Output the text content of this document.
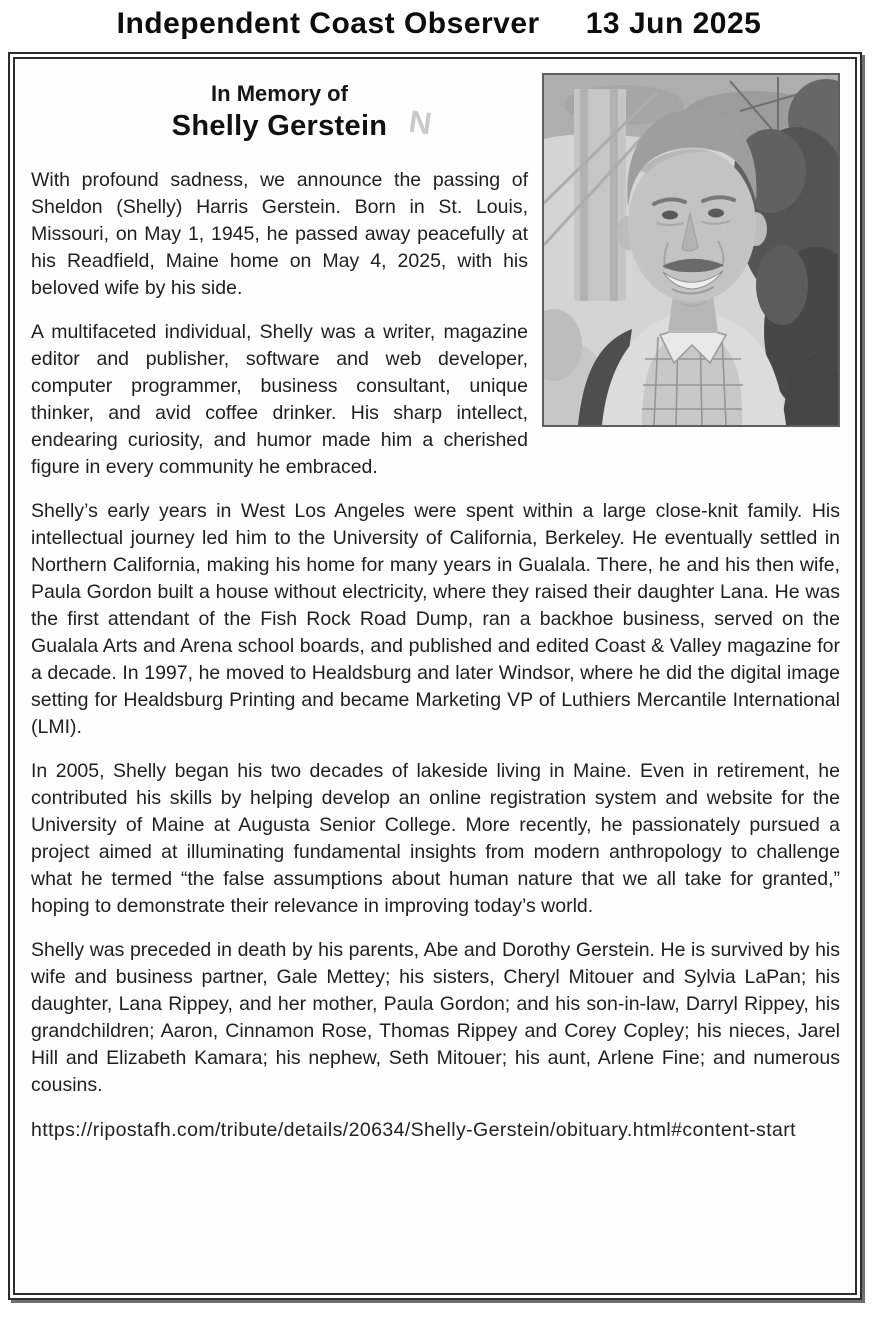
Independent Coast Observer 13 Jun 2025
In Memory of
Shelly Gerstein N

With profound sadness, we announce the passing of Sheldon (Shelly) Harris Gerstein. Born in St. Louis, Missouri, on May 1, 1945, he passed away peacefully at his Readfield, Maine home on May 4, 2025, with his beloved wife by his side.

A multifaceted individual, Shelly was a writer, magazine editor and publisher, software and web developer, computer programmer, business consultant, unique thinker, and avid coffee drinker. His sharp intellect, endearing curiosity, and humor made him a cherished figure in every community he embraced.

Shelly’s early years in West Los Angeles were spent within a large close-knit family. His intellectual journey led him to the University of California, Berkeley. He eventually settled in Northern California, making his home for many years in Gualala. There, he and his then wife, Paula Gordon built a house without electricity, where they raised their daughter Lana. He was the first attendant of the Fish Rock Road Dump, ran a backhoe business, served on the Gualala Arts and Arena school boards, and published and edited Coast & Valley magazine for a decade. In 1997, he moved to Healdsburg and later Windsor, where he did the digital image setting for Healdsburg Printing and became Marketing VP of Luthiers Mercantile International (LMI).

In 2005, Shelly began his two decades of lakeside living in Maine. Even in retirement, he contributed his skills by helping develop an online registration system and website for the University of Maine at Augusta Senior College. More recently, he passionately pursued a project aimed at illuminating fundamental insights from modern anthropology to challenge what he termed “the false assumptions about human nature that we all take for granted,” hoping to demonstrate their relevance in improving today’s world.

Shelly was preceded in death by his parents, Abe and Dorothy Gerstein. He is survived by his wife and business partner, Gale Mettey; his sisters, Cheryl Mitouer and Sylvia LaPan; his daughter, Lana Rippey, and her mother, Paula Gordon; and his son-in-law, Darryl Rippey, his grandchildren; Aaron, Cinnamon Rose, Thomas Rippey and Corey Copley; his nieces, Jarel Hill and Elizabeth Kamara; his nephew, Seth Mitouer; his aunt, Arlene Fine; and numerous cousins.

https://ripostafh.com/tribute/details/20634/Shelly-Gerstein/obituary.html#content-start
